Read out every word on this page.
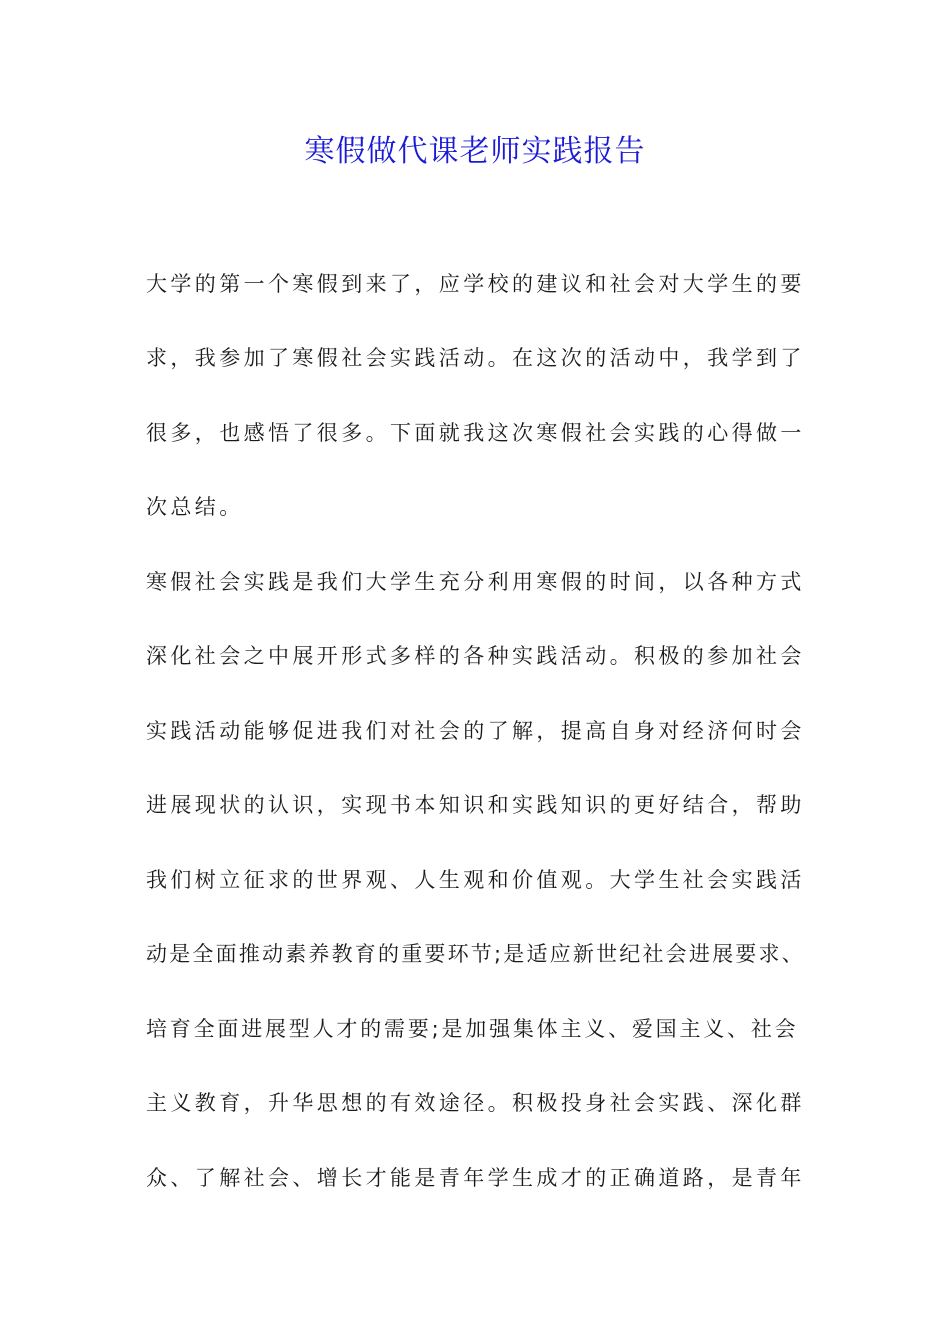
寒假做代课老师实践报告

大学的第一个寒假到来了，应学校的建议和社会对大学生的要

求，我参加了寒假社会实践活动。在这次的活动中，我学到了

很多，也感悟了很多。下面就我这次寒假社会实践的心得做一

次总结。

寒假社会实践是我们大学生充分利用寒假的时间，以各种方式

深化社会之中展开形式多样的各种实践活动。积极的参加社会

实践活动能够促进我们对社会的了解，提高自身对经济何时会

进展现状的认识，实现书本知识和实践知识的更好结合，帮助

我们树立征求的世界观、人生观和价值观。大学生社会实践活

动是全面推动素养教育的重要环节;是适应新世纪社会进展要求、

培育全面进展型人才的需要;是加强集体主义、爱国主义、社会

主义教育，升华思想的有效途径。积极投身社会实践、深化群

众、了解社会、增长才能是青年学生成才的正确道路，是青年
